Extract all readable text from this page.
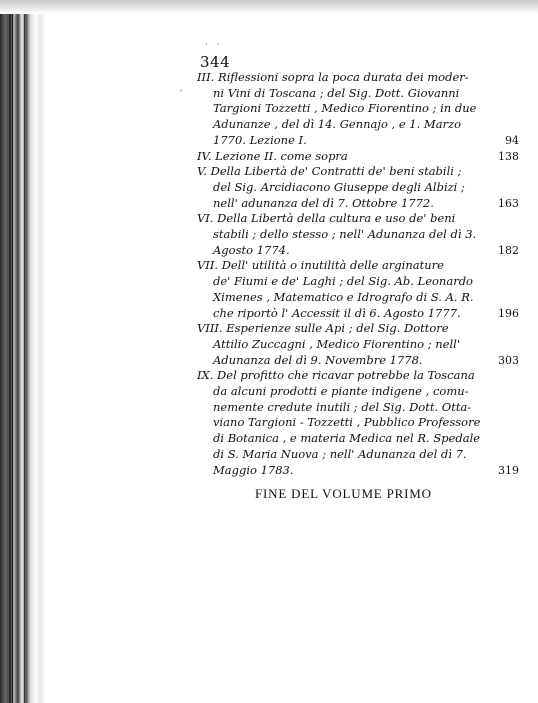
· ·
344
III. Riflessioni sopra la poca durata dei moder-
ni Vini di Toscana ; del Sig. Dott. Giovanni
Targioni Tozzetti , Medico Fiorentino ; in due
Adunanze , del dì 14. Gennajo , e 1. Marzo
1770. Lezione I.	94
IV. Lezione II. come sopra	138
V. Della Libertà de' Contratti de' beni stabili ;
del Sig. Arcidiacono Giuseppe degli Albizi ;
nell' adunanza del dì 7. Ottobre 1772.	163
VI. Della Libertà della cultura e uso de' beni
stabili ; dello stesso ; nell' Adunanza del dì 3.
Agosto 1774.	182
VII. Dell' utilità o inutilità delle arginature
de' Fiumi e de' Laghi ; del Sig. Ab. Leonardo
Ximenes , Matematico e Idrografo di S. A. R.
che riportò l' Accessit il dì 6. Agosto 1777.	196
VIII. Esperienze sulle Api ; del Sig. Dottore
Attilio Zuccagni , Medico Fiorentino ; nell'
Adunanza del dì 9. Novembre 1778.	303
IX. Del profitto che ricavar potrebbe la Toscana
da alcuni prodotti e piante indigene , comu-
nemente credute inutili ; del Sig. Dott. Otta-
viano Targioni - Tozzetti , Pubblico Professore
di Botanica , e materia Medica nel R. Spedale
di S. Maria Nuova ; nell' Adunanza del dì 7.
Maggio 1783.	319
FINE DEL VOLUME PRIMO
´
